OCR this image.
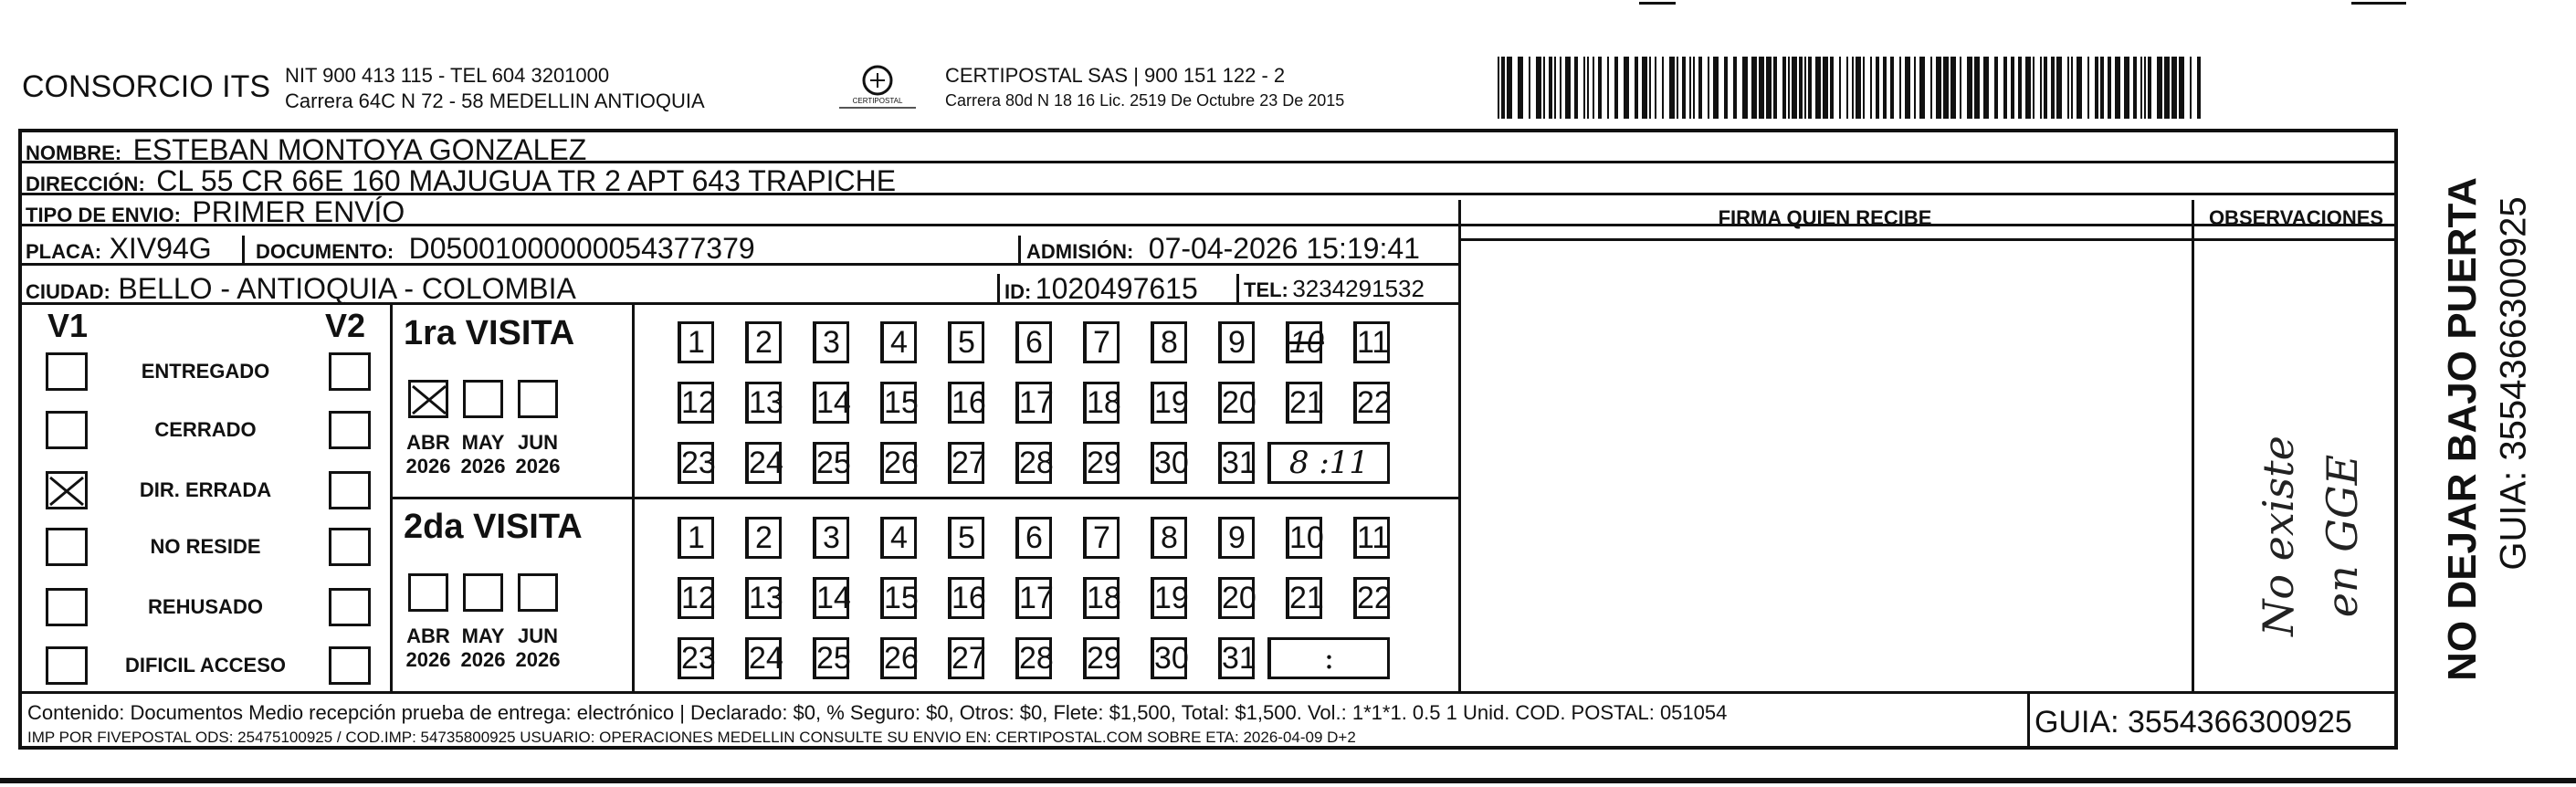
CONSORCIO ITS NIT 900 413 115 - TEL 604 3201000
Carrera 64C N 72 - 58 MEDELLIN ANTIOQUIA	CERTIPOSTAL
CERTIPOSTAL SAS | 900 151 122 - 2
Carrera 80d N 18 16 Lic. 2519 De Octubre 23 De 2015
NOMBRE: ESTEBAN MONTOYA GONZALEZ
DIRECCIÓN: CL 55 CR 66E 160 MAJUGUA TR 2 APT 643 TRAPICHE
TIPO DE ENVIO: PRIMER ENVÍO	FIRMA QUIEN RECIBE	OBSERVACIONES
PLACA: XIV94G DOCUMENTO: D05001000000054377379	ADMISIÓN: 07-04-2026 15:19:41
CIUDAD: BELLO - ANTIOQUIA - COLOMBIA	ID: 1020497615 TEL: 3234291532
V1	V2
ENTREGADO
CERRADO
DIR. ERRADA
NO RESIDE
REHUSADO
DIFICIL ACCESO
1ra VISITA
2da VISITA
ABR
2026
MAY
2026
JUN
2026
ABR
2026
MAY
2026
JUN
2026
1	2	3	4	5	6	7	8	9 10 11
12 13 14 15 16 17 18 19 20 21 22
23 24 25 26 27 28 29 30 31	8 :11
1	2	3	4	5	6	7	8	9 10 11
12 13 14 15 16 17 18 19 20 21 22
23 24 25 26 27 28 29 30 31	:
No existe en GGE
Contenido: Documentos Medio recepción prueba de entrega: electrónico | Declarado: $0, % Seguro: $0, Otros: $0, Flete: $1,500, Total: $1,500. Vol.: 1*1*1. 0.5 1 Unid. COD. POSTAL: 051054
IMP POR FIVEPOSTAL ODS: 25475100925 / COD.IMP: 54735800925 USUARIO: OPERACIONES MEDELLIN CONSULTE SU ENVIO EN: CERTIPOSTAL.COM SOBRE ETA: 2026-04-09 D+2	GUIA: 3554366300925
NO DEJAR BAJO PUERTA GUIA: 3554366300925
